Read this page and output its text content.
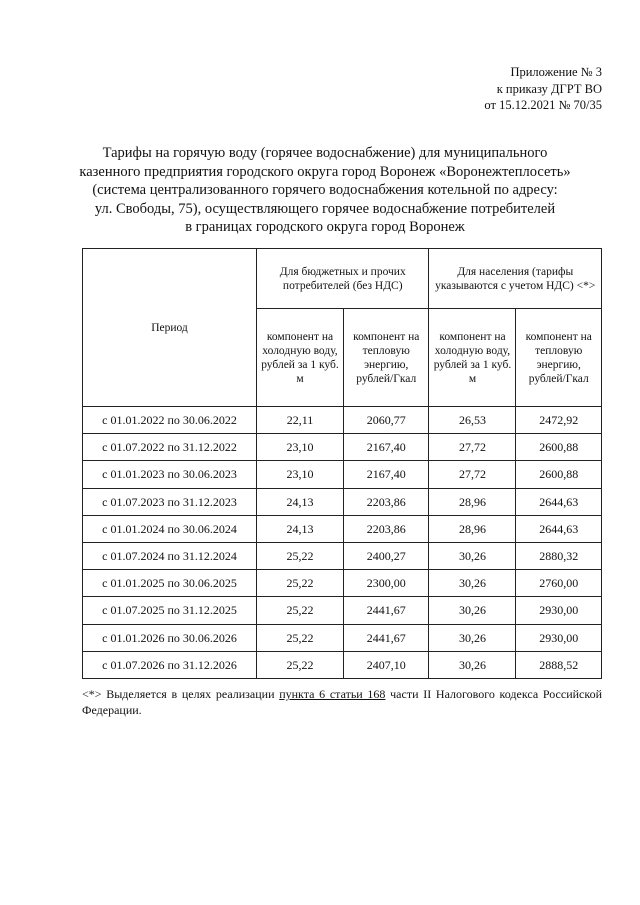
Приложение № 3
к приказу ДГРТ ВО
от 15.12.2021 № 70/35
Тарифы на горячую воду (горячее водоснабжение) для муниципального
казенного предприятия городского округа город Воронеж «Воронежтеплосеть»
(система централизованного горячего водоснабжения котельной по адресу:
ул. Свободы, 75), осуществляющего горячее водоснабжение потребителей
в границах городского округа город Воронеж
Период	Для бюджетных и прочих потребителей (без НДС)		Для населения (тарифы указываются с учетом НДС) <*>	
	компонент на холодную воду, рублей за 1 куб. м	компонент на тепловую энергию, рублей/Гкал	компонент на холодную воду, рублей за 1 куб. м	компонент на тепловую энергию, рублей/Гкал
с 01.01.2022 по 30.06.2022	22,11	2060,77	26,53	2472,92
с 01.07.2022 по 31.12.2022	23,10	2167,40	27,72	2600,88
с 01.01.2023 по 30.06.2023	23,10	2167,40	27,72	2600,88
с 01.07.2023 по 31.12.2023	24,13	2203,86	28,96	2644,63
с 01.01.2024 по 30.06.2024	24,13	2203,86	28,96	2644,63
с 01.07.2024 по 31.12.2024	25,22	2400,27	30,26	2880,32
с 01.01.2025 по 30.06.2025	25,22	2300,00	30,26	2760,00
с 01.07.2025 по 31.12.2025	25,22	2441,67	30,26	2930,00
с 01.01.2026 по 30.06.2026	25,22	2441,67	30,26	2930,00
с 01.07.2026 по 31.12.2026	25,22	2407,10	30,26	2888,52
<*> Выделяется в целях реализации пункта 6 статьи 168 части II Налогового кодекса Российской Федерации.
